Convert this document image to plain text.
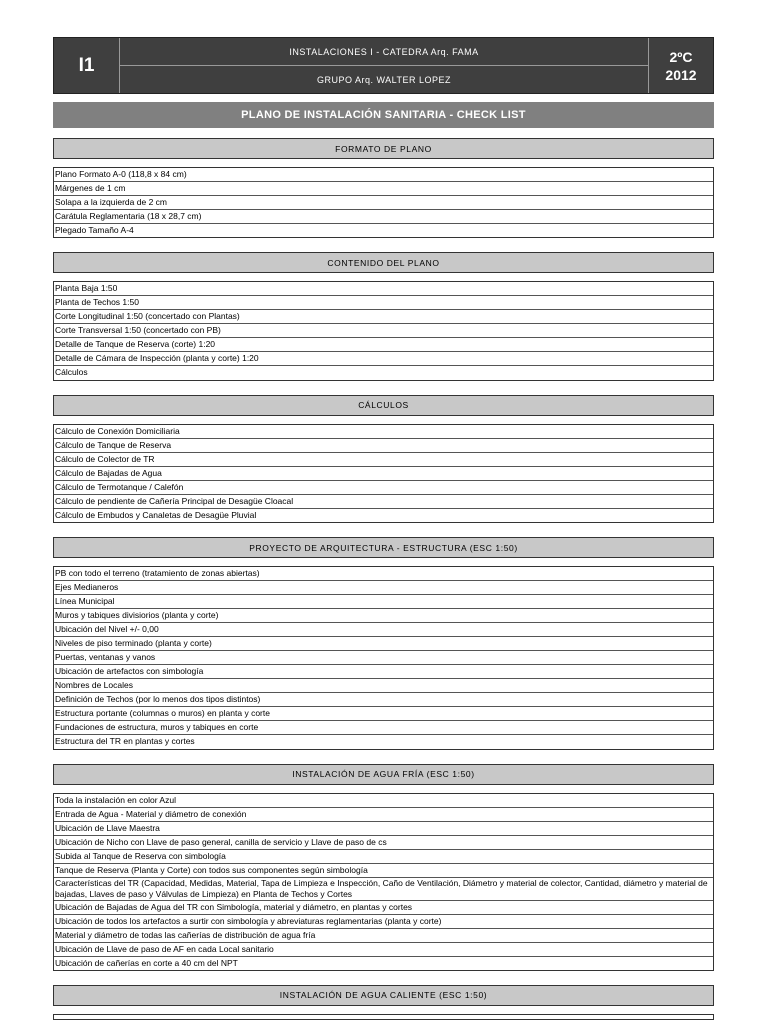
I1
INSTALACIONES I - CATEDRA Arq. FAMA
GRUPO Arq. WALTER LOPEZ
2ºC
2012
PLANO DE INSTALACIÓN SANITARIA - CHECK LIST
FORMATO DE PLANO
Plano Formato A-0 (118,8 x 84 cm)
Márgenes de 1 cm
Solapa a la izquierda de 2 cm
Carátula Reglamentaria (18 x 28,7 cm)
Plegado Tamaño A-4
CONTENIDO DEL PLANO
Planta Baja 1:50
Planta de Techos 1:50
Corte Longitudinal 1:50 (concertado con Plantas)
Corte Transversal 1:50 (concertado con PB)
Detalle de Tanque de Reserva (corte) 1:20
Detalle de Cámara de Inspección (planta y corte) 1:20
Cálculos
CÁLCULOS
Cálculo de Conexión Domiciliaria
Cálculo de Tanque de Reserva
Cálculo de Colector de TR
Cálculo de Bajadas de Agua
Cálculo de Termotanque / Calefón
Cálculo de pendiente de Cañería Principal de Desagüe Cloacal
Cálculo de Embudos y Canaletas de Desagüe Pluvial
PROYECTO DE ARQUITECTURA - ESTRUCTURA (ESC 1:50)
PB con todo el terreno (tratamiento de zonas abiertas)
Ejes Medianeros
Línea Municipal
Muros y tabiques divisiorios (planta y corte)
Ubicación del Nivel +/- 0,00
Niveles de piso terminado (planta y corte)
Puertas, ventanas y vanos
Ubicación de artefactos con simbología
Nombres de Locales
Definición de Techos (por lo menos dos tipos distintos)
Estructura portante (columnas o muros) en planta y corte
Fundaciones de estructura, muros y tabiques en corte
Estructura del TR en plantas y cortes
INSTALACIÓN DE AGUA FRÍA (ESC 1:50)
Toda la instalación en color Azul
Entrada de Agua - Material y diámetro de conexión
Ubicación de Llave Maestra
Ubicación de Nicho con Llave de paso general, canilla de servicio y Llave de paso de cs
Subida al Tanque de Reserva con simbología
Tanque de Reserva (Planta y Corte) con todos sus componentes según simbología
Características del TR (Capacidad, Medidas, Material, Tapa de Limpieza e Inspección, Caño de Ventilación, Diámetro y material de colector, Cantidad, diámetro y material de bajadas, Llaves de paso y Válvulas de Limpieza) en Planta de Techos y Cortes
Ubicación de Bajadas de Agua del TR con Simbología, material y diámetro, en plantas y cortes
Ubicación de todos los artefactos a surtir con simbología y abreviaturas reglamentarias (planta y corte)
Material y diámetro de todas las cañerías de distribución de agua fría
Ubicación de Llave de paso de AF en cada Local sanitario
Ubicación de cañerías en corte a 40 cm del NPT
INSTALACIÓN DE AGUA CALIENTE (ESC 1:50)
